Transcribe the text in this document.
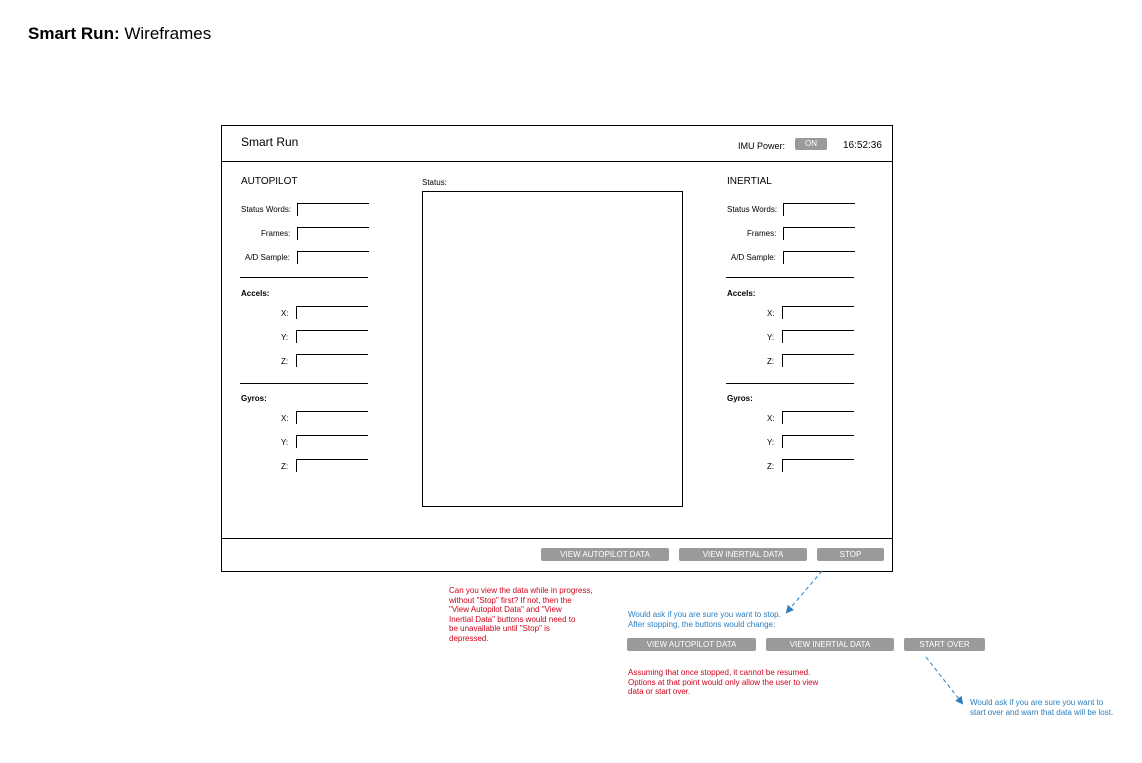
Smart Run: Wireframes
Smart Run	IMU Power:	ON	16:52:36
AUTOPILOT
Status Words:
Frames:
A/D Sample:
Accels:
X:
Y:
Z:
Gyros:
X:
Y:
Z:
Status:	INERTIAL
Status Words:
Frames:
A/D Sample:
Accels:
X:
Y:
Z:
Gyros:
X:
Y:
Z:
VIEW AUTOPILOT DATA	VIEW INERTIAL DATA	STOP
Can you view the data while in progress,
without "Stop" first? If not, then the
"View Autopilot Data" and "View
Inertial Data" buttons would need to
be unavailable until "Stop" is
depressed.
Would ask if you are sure you want to stop.
After stopping, the buttons would change:
VIEW AUTOPILOT DATA	VIEW INERTIAL DATA	START OVER
Assuming that once stopped, it cannot be resumed.
Options at that point would only allow the user to view
data or start over.
Would ask if you are sure you want to
start over and warn that data will be lost.
